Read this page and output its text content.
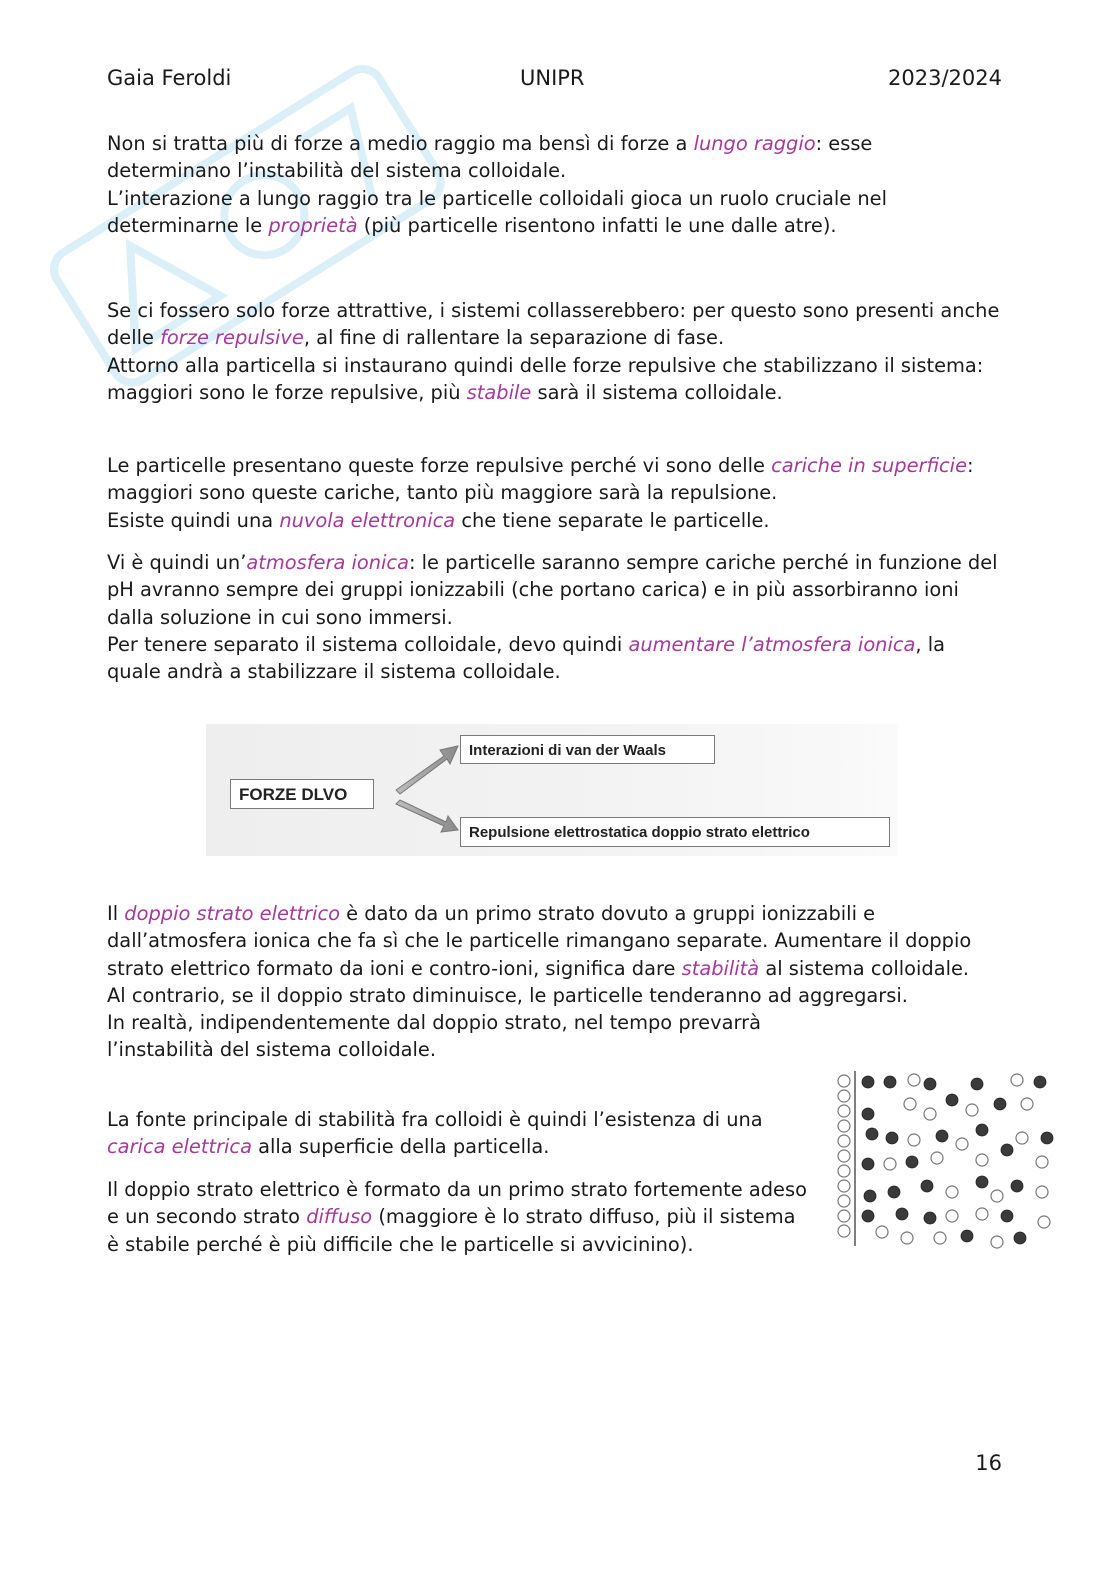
Gaia Feroldi	UNIPR	2023/2024

Non si tratta più di forze a medio raggio ma bensì di forze a lungo raggio: esse determinano l’instabilità del sistema colloidale.

L’interazione a lungo raggio tra le particelle colloidali gioca un ruolo cruciale nel determinarne le proprietà (più particelle risentono infatti le une dalle atre).

Se ci fossero solo forze attrattive, i sistemi collasserebbero: per questo sono presenti anche delle forze repulsive, al fine di rallentare la separazione di fase.

Attorno alla particella si instaurano quindi delle forze repulsive che stabilizzano il sistema: maggiori sono le forze repulsive, più stabile sarà il sistema colloidale.

Le particelle presentano queste forze repulsive perché vi sono delle cariche in superficie: maggiori sono queste cariche, tanto più maggiore sarà la repulsione.

Esiste quindi una nuvola elettronica che tiene separate le particelle.

Vi è quindi un’atmosfera ionica: le particelle saranno sempre cariche perché in funzione del pH avranno sempre dei gruppi ionizzabili (che portano carica) e in più assorbiranno ioni dalla soluzione in cui sono immersi.

Per tenere separato il sistema colloidale, devo quindi aumentare l’atmosfera ionica, la quale andrà a stabilizzare il sistema colloidale.

FORZE DLVO
Interazioni di van der Waals
Repulsione elettrostatica doppio strato elettrico

Il doppio strato elettrico è dato da un primo strato dovuto a gruppi ionizzabili e dall’atmosfera ionica che fa sì che le particelle rimangano separate. Aumentare il doppio strato elettrico formato da ioni e contro-ioni, significa dare stabilità al sistema colloidale.

Al contrario, se il doppio strato diminuisce, le particelle tenderanno ad aggregarsi.

In realtà, indipendentemente dal doppio strato, nel tempo prevarrà l’instabilità del sistema colloidale.

La fonte principale di stabilità fra colloidi è quindi l’esistenza di una carica elettrica alla superficie della particella.

Il doppio strato elettrico è formato da un primo strato fortemente adeso e un secondo strato diffuso (maggiore è lo strato diffuso, più il sistema è stabile perché è più difficile che le particelle si avvicinino).

16
